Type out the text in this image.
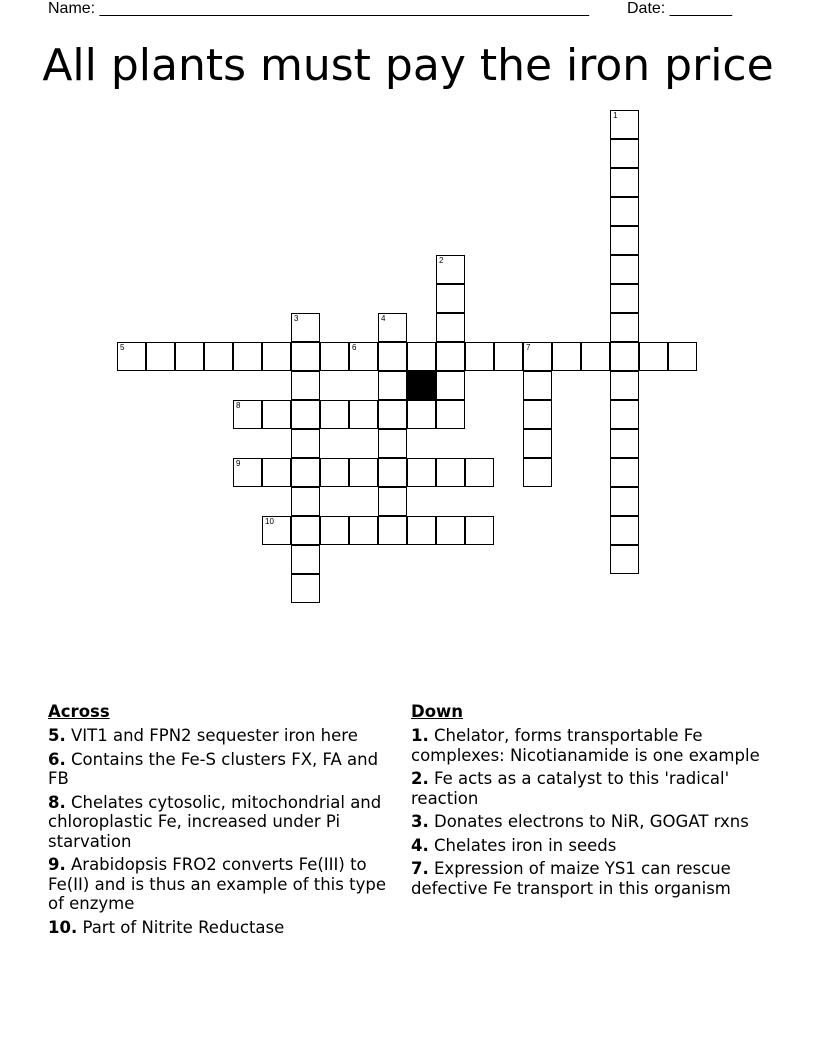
Name: _______________________________________________________ Date: _______
All plants must pay the iron price
1
2
3	4
5	6	7
8
9
10
Across
5. VIT1 and FPN2 sequester iron here
6. Contains the Fe-S clusters FX, FA and FB
8. Chelates cytosolic, mitochondrial and chloroplastic Fe, increased under Pi starvation
9. Arabidopsis FRO2 converts Fe(III) to Fe(II) and is thus an example of this type of enzyme
10. Part of Nitrite Reductase
Down
1. Chelator, forms transportable Fe complexes: Nicotianamide is one example
2. Fe acts as a catalyst to this 'radical' reaction
3. Donates electrons to NiR, GOGAT rxns
4. Chelates iron in seeds
7. Expression of maize YS1 can rescue defective Fe transport in this organism
